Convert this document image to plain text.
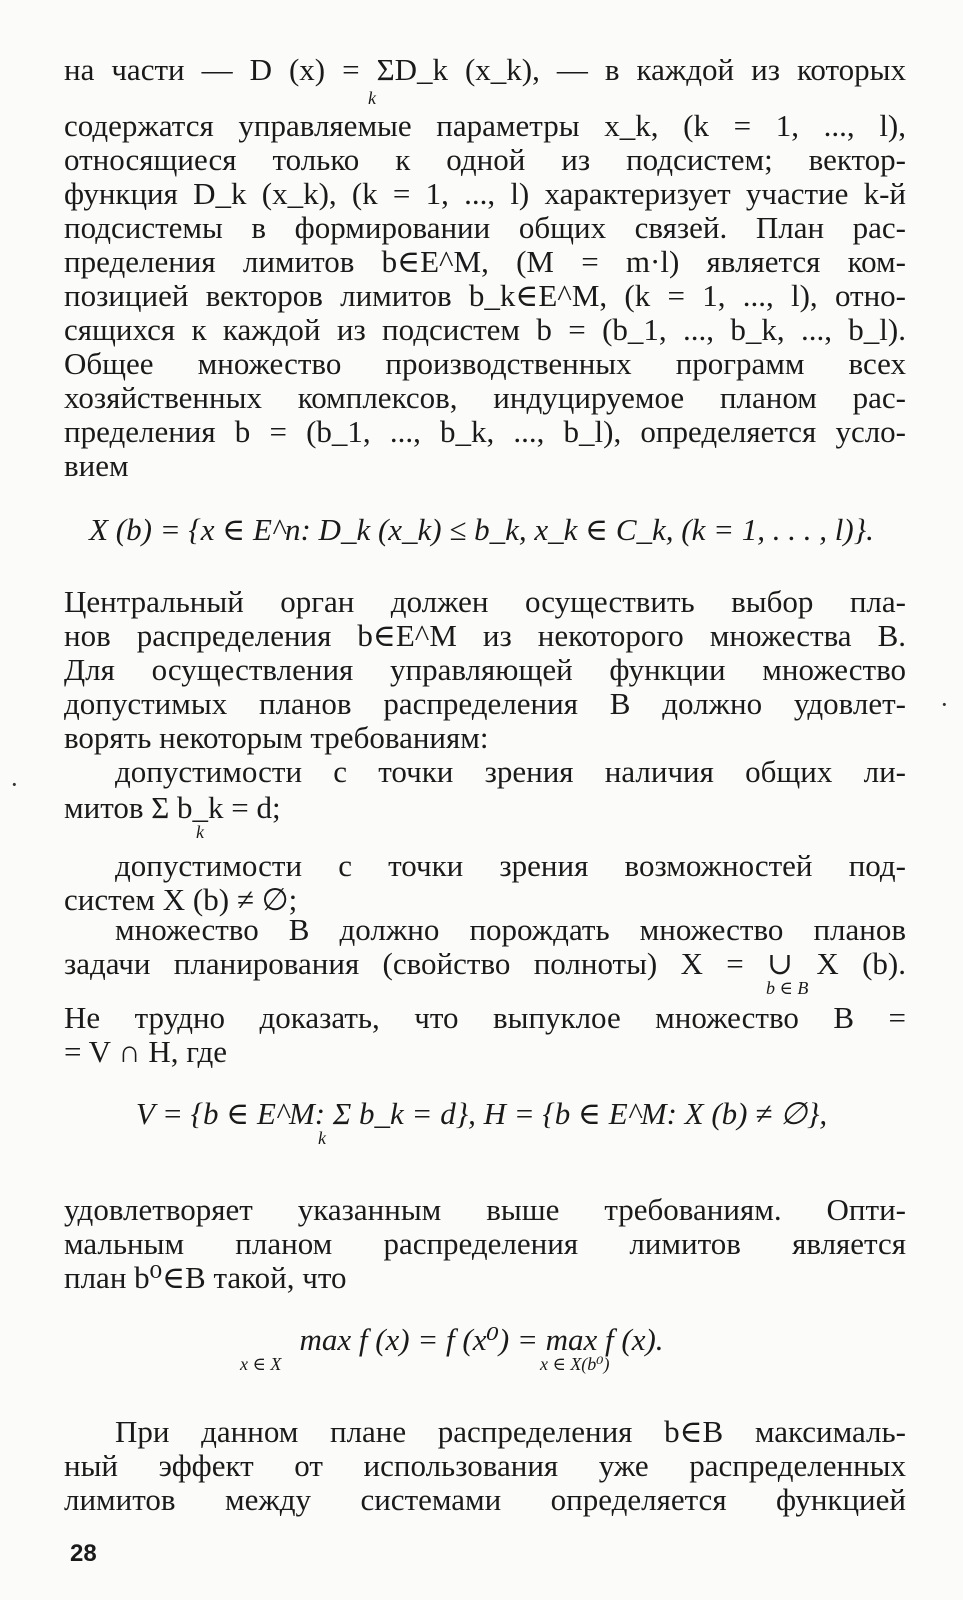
на части — D (x) = ΣD_k (x_k), — в каждой из которых
k
содержатся управляемые параметры x_k, (k = 1, ..., l),
относящиеся только к одной из подсистем; вектор-
функция D_k (x_k), (k = 1, ..., l) характеризует участие k-й
подсистемы в формировании общих связей. План рас-
пределения лимитов b∈E^M, (M = m·l) является ком-
позицией векторов лимитов b_k∈E^M, (k = 1, ..., l), отно-
сящихся к каждой из подсистем b = (b_1, ..., b_k, ..., b_l).
Общее множество производственных программ всех
хозяйственных комплексов, индуцируемое планом рас-
пределения b = (b_1, ..., b_k, ..., b_l), определяется усло-
вием
X (b) = {x ∈ E^n: D_k (x_k) ≤ b_k, x_k ∈ C_k, (k = 1, . . . , l)}.
Центральный орган должен осуществить выбор пла-
нов распределения b∈E^M из некоторого множества B.
Для осуществления управляющей функции множество
допустимых планов распределения B должно удовлет-
ворять некоторым требованиям:
допустимости с точки зрения наличия общих ли-
митов Σ b_k = d;
k
допустимости с точки зрения возможностей под-
систем X (b) ≠ ∅;
множество B должно порождать множество планов
задачи планирования (свойство полноты) X = ∪ X (b).
b ∈ B
Не трудно доказать, что выпуклое множество B =
= V ∩ H, где
V = {b ∈ E^M: Σ b_k = d}, H = {b ∈ E^M: X (b) ≠ ∅},
k
удовлетворяет указанным выше требованиям. Опти-
мальным планом распределения лимитов является
план b⁰∈B такой, что
max f (x) = f (x⁰) = max f (x).
x ∈ X	x ∈ X(b⁰)
При данном плане распределения b∈B максималь-
ный эффект от использования уже распределенных
лимитов между системами определяется функцией
28
·
·
